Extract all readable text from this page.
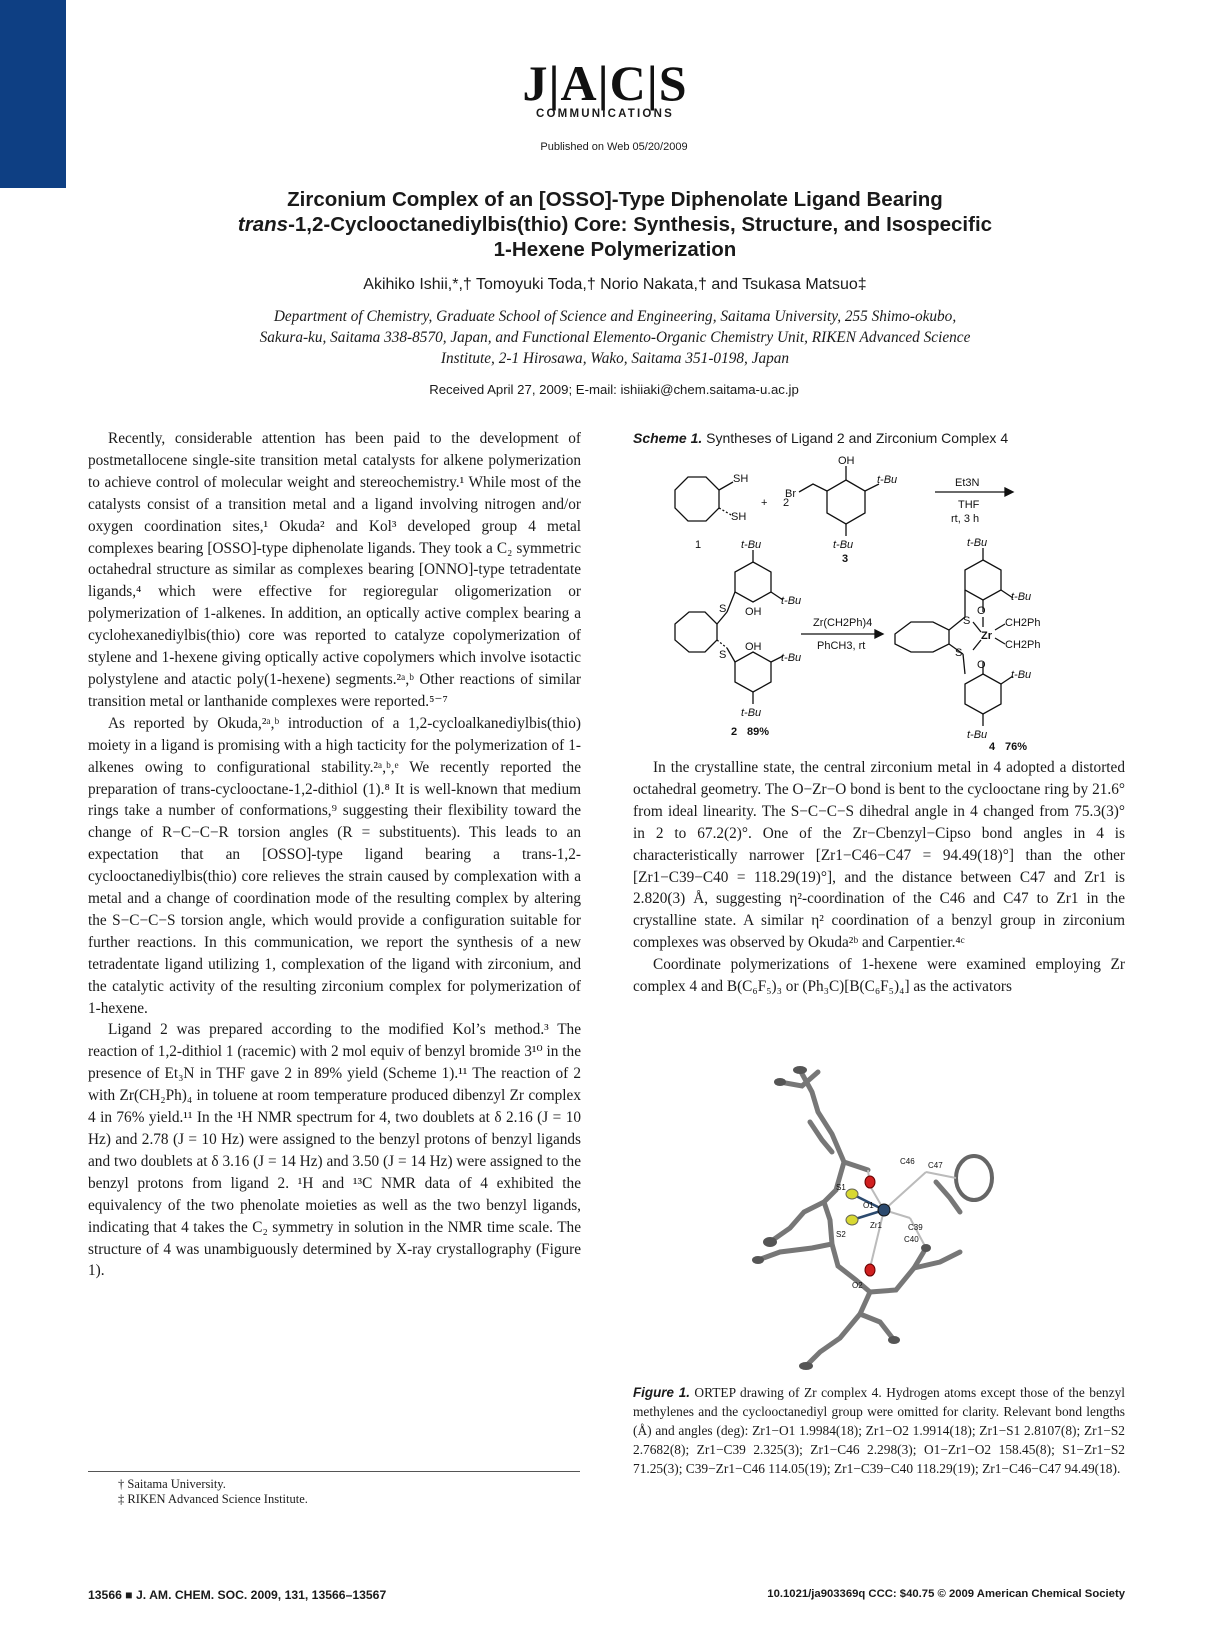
J|A|C|S
COMMUNICATIONS
Published on Web 05/20/2009
Zirconium Complex of an [OSSO]-Type Diphenolate Ligand Bearing
trans-1,2-Cyclooctanediylbis(thio) Core: Synthesis, Structure, and Isospecific
1-Hexene Polymerization
Akihiko Ishii,*,† Tomoyuki Toda,† Norio Nakata,† and Tsukasa Matsuo‡
Department of Chemistry, Graduate School of Science and Engineering, Saitama University, 255 Shimo-okubo,
Sakura-ku, Saitama 338-8570, Japan, and Functional Elemento-Organic Chemistry Unit, RIKEN Advanced Science
Institute, 2-1 Hirosawa, Wako, Saitama 351-0198, Japan
Received April 27, 2009; E-mail: ishiiaki@chem.saitama-u.ac.jp

Recently, considerable attention has been paid to the development of postmetallocene single-site transition metal catalysts for alkene polymerization to achieve control of molecular weight and stereochemistry.¹ While most of the catalysts consist of a transition metal and a ligand involving nitrogen and/or oxygen coordination sites,¹ Okuda² and Kol³ developed group 4 metal complexes bearing [OSSO]-type diphenolate ligands. They took a C₂ symmetric octahedral structure as similar as complexes bearing [ONNO]-type tetradentate ligands,⁴ which were effective for regioregular oligomerization or polymerization of 1-alkenes. In addition, an optically active complex bearing a cyclohexanediylbis(thio) core was reported to catalyze copolymerization of stylene and 1-hexene giving optically active copolymers which involve isotactic polystylene and atactic poly(1-hexene) segments.²ᵃ,ᵇ Other reactions of similar transition metal or lanthanide complexes were reported.⁵⁻⁷

As reported by Okuda,²ᵃ,ᵇ introduction of a 1,2-cycloalkanediylbis(thio) moiety in a ligand is promising with a high tacticity for the polymerization of 1-alkenes owing to configurational stability.²ᵃ,ᵇ,ᵉ We recently reported the preparation of trans-cyclooctane-1,2-dithiol (1).⁸ It is well-known that medium rings take a number of conformations,⁹ suggesting their flexibility toward the change of R−C−C−R torsion angles (R = substituents). This leads to an expectation that an [OSSO]-type ligand bearing a trans-1,2-cyclooctanediylbis(thio) core relieves the strain caused by complexation with a metal and a change of coordination mode of the resulting complex by altering the S−C−C−S torsion angle, which would provide a configuration suitable for further reactions. In this communication, we report the synthesis of a new tetradentate ligand utilizing 1, complexation of the ligand with zirconium, and the catalytic activity of the resulting zirconium complex for polymerization of 1-hexene.

Ligand 2 was prepared according to the modified Kol’s method.³ The reaction of 1,2-dithiol 1 (racemic) with 2 mol equiv of benzyl bromide 3¹⁰ in the presence of Et₃N in THF gave 2 in 89% yield (Scheme 1).¹¹ The reaction of 2 with Zr(CH₂Ph)₄ in toluene at room temperature produced dibenzyl Zr complex 4 in 76% yield.¹¹ In the ¹H NMR spectrum for 4, two doublets at δ 2.16 (J = 10 Hz) and 2.78 (J = 10 Hz) were assigned to the benzyl protons of benzyl ligands and two doublets at δ 3.16 (J = 14 Hz) and 3.50 (J = 14 Hz) were assigned to the benzyl protons from ligand 2. ¹H and ¹³C NMR data of 4 exhibited the equivalency of the two phenolate moieties as well as the two benzyl ligands, indicating that 4 takes the C₂ symmetry in solution in the NMR time scale. The structure of 4 was unambiguously determined by X-ray crystallography (Figure 1).

Scheme 1. Syntheses of Ligand 2 and Zirconium Complex 4
SH
SH
1
+ 2
Br
OH
t-Bu
t-Bu
3
Et3N
THF
rt, 3 h
t-Bu
t-Bu
OH
S
S
OH
t-Bu
t-Bu
2 89%
Zr(CH2Ph)4
PhCH3, rt
t-Bu
t-Bu
O
S
Zr
CH2Ph
CH2Ph
S
O
t-Bu
t-Bu
4 76%

In the crystalline state, the central zirconium metal in 4 adopted a distorted octahedral geometry. The O−Zr−O bond is bent to the cyclooctane ring by 21.6° from ideal linearity. The S−C−C−S dihedral angle in 4 changed from 75.3(3)° in 2 to 67.2(2)°. One of the Zr−Cbenzyl−Cipso bond angles in 4 is characteristically narrower [Zr1−C46−C47 = 94.49(18)°] than the other [Zr1−C39−C40 = 118.29(19)°], and the distance between C47 and Zr1 is 2.820(3) Å, suggesting η²-coordination of the C46 and C47 to Zr1 in the crystalline state. A similar η² coordination of a benzyl group in zirconium complexes was observed by Okuda²ᵇ and Carpentier.⁴ᶜ

Coordinate polymerizations of 1-hexene were examined employing Zr complex 4 and B(C₆F₅)₃ or (Ph₃C)[B(C₆F₅)₄] as the activators

O1
S1
S2
Zr1
C46 C47
C39
C40
O2
Figure 1. ORTEP drawing of Zr complex 4. Hydrogen atoms except those of the benzyl methylenes and the cyclooctanediyl group were omitted for clarity. Relevant bond lengths (Å) and angles (deg): Zr1−O1 1.9984(18); Zr1−O2 1.9914(18); Zr1−S1 2.8107(8); Zr1−S2 2.7682(8); Zr1−C39 2.325(3); Zr1−C46 2.298(3); O1−Zr1−O2 158.45(8); S1−Zr1−S2 71.25(3); C39−Zr1−C46 114.05(19); Zr1−C39−C40 118.29(19); Zr1−C46−C47 94.49(18).
† Saitama University.
‡ RIKEN Advanced Science Institute.
13566 ■ J. AM. CHEM. SOC. 2009, 131, 13566–13567	10.1021/ja903369q CCC: $40.75 © 2009 American Chemical Society
